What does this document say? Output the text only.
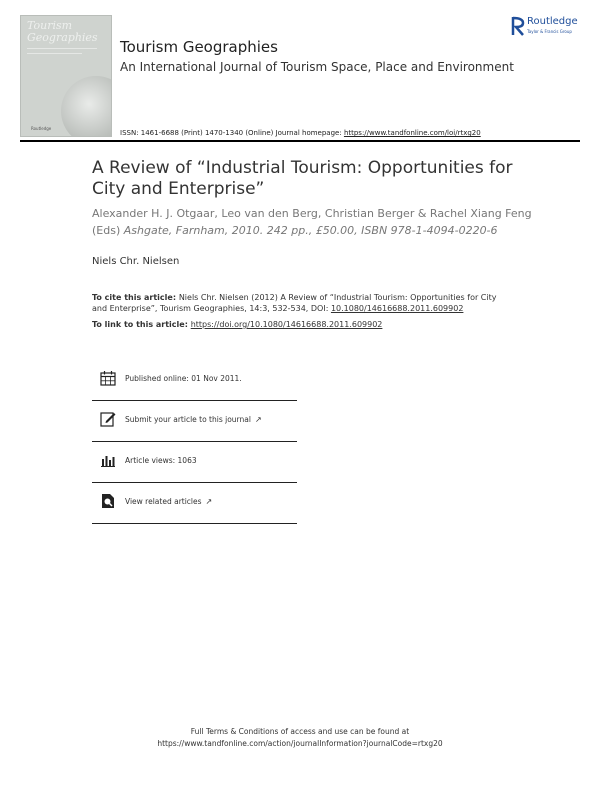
Tourism
Geographies
Routledge
Tourism Geographies
An International Journal of Tourism Space, Place and Environment
ISSN: 1461-6688 (Print) 1470-1340 (Online) Journal homepage: https://www.tandfonline.com/loi/rtxg20
Routledge
Taylor & Francis Group
A Review of “Industrial Tourism: Opportunities for City and Enterprise”
Alexander H. J. Otgaar, Leo van den Berg, Christian Berger & Rachel Xiang Feng (Eds) Ashgate, Farnham, 2010. 242 pp., £50.00, ISBN 978-1-4094-0220-6
Niels Chr. Nielsen
To cite this article: Niels Chr. Nielsen (2012) A Review of “Industrial Tourism: Opportunities for City and Enterprise”, Tourism Geographies, 14:3, 532-534, DOI: 10.1080/14616688.2011.609902
To link to this article: https://doi.org/10.1080/14616688.2011.609902
Published online: 01 Nov 2011.
Submit your article to this journal ↗
Article views: 1063
View related articles ↗
Full Terms & Conditions of access and use can be found at
https://www.tandfonline.com/action/journalInformation?journalCode=rtxg20
